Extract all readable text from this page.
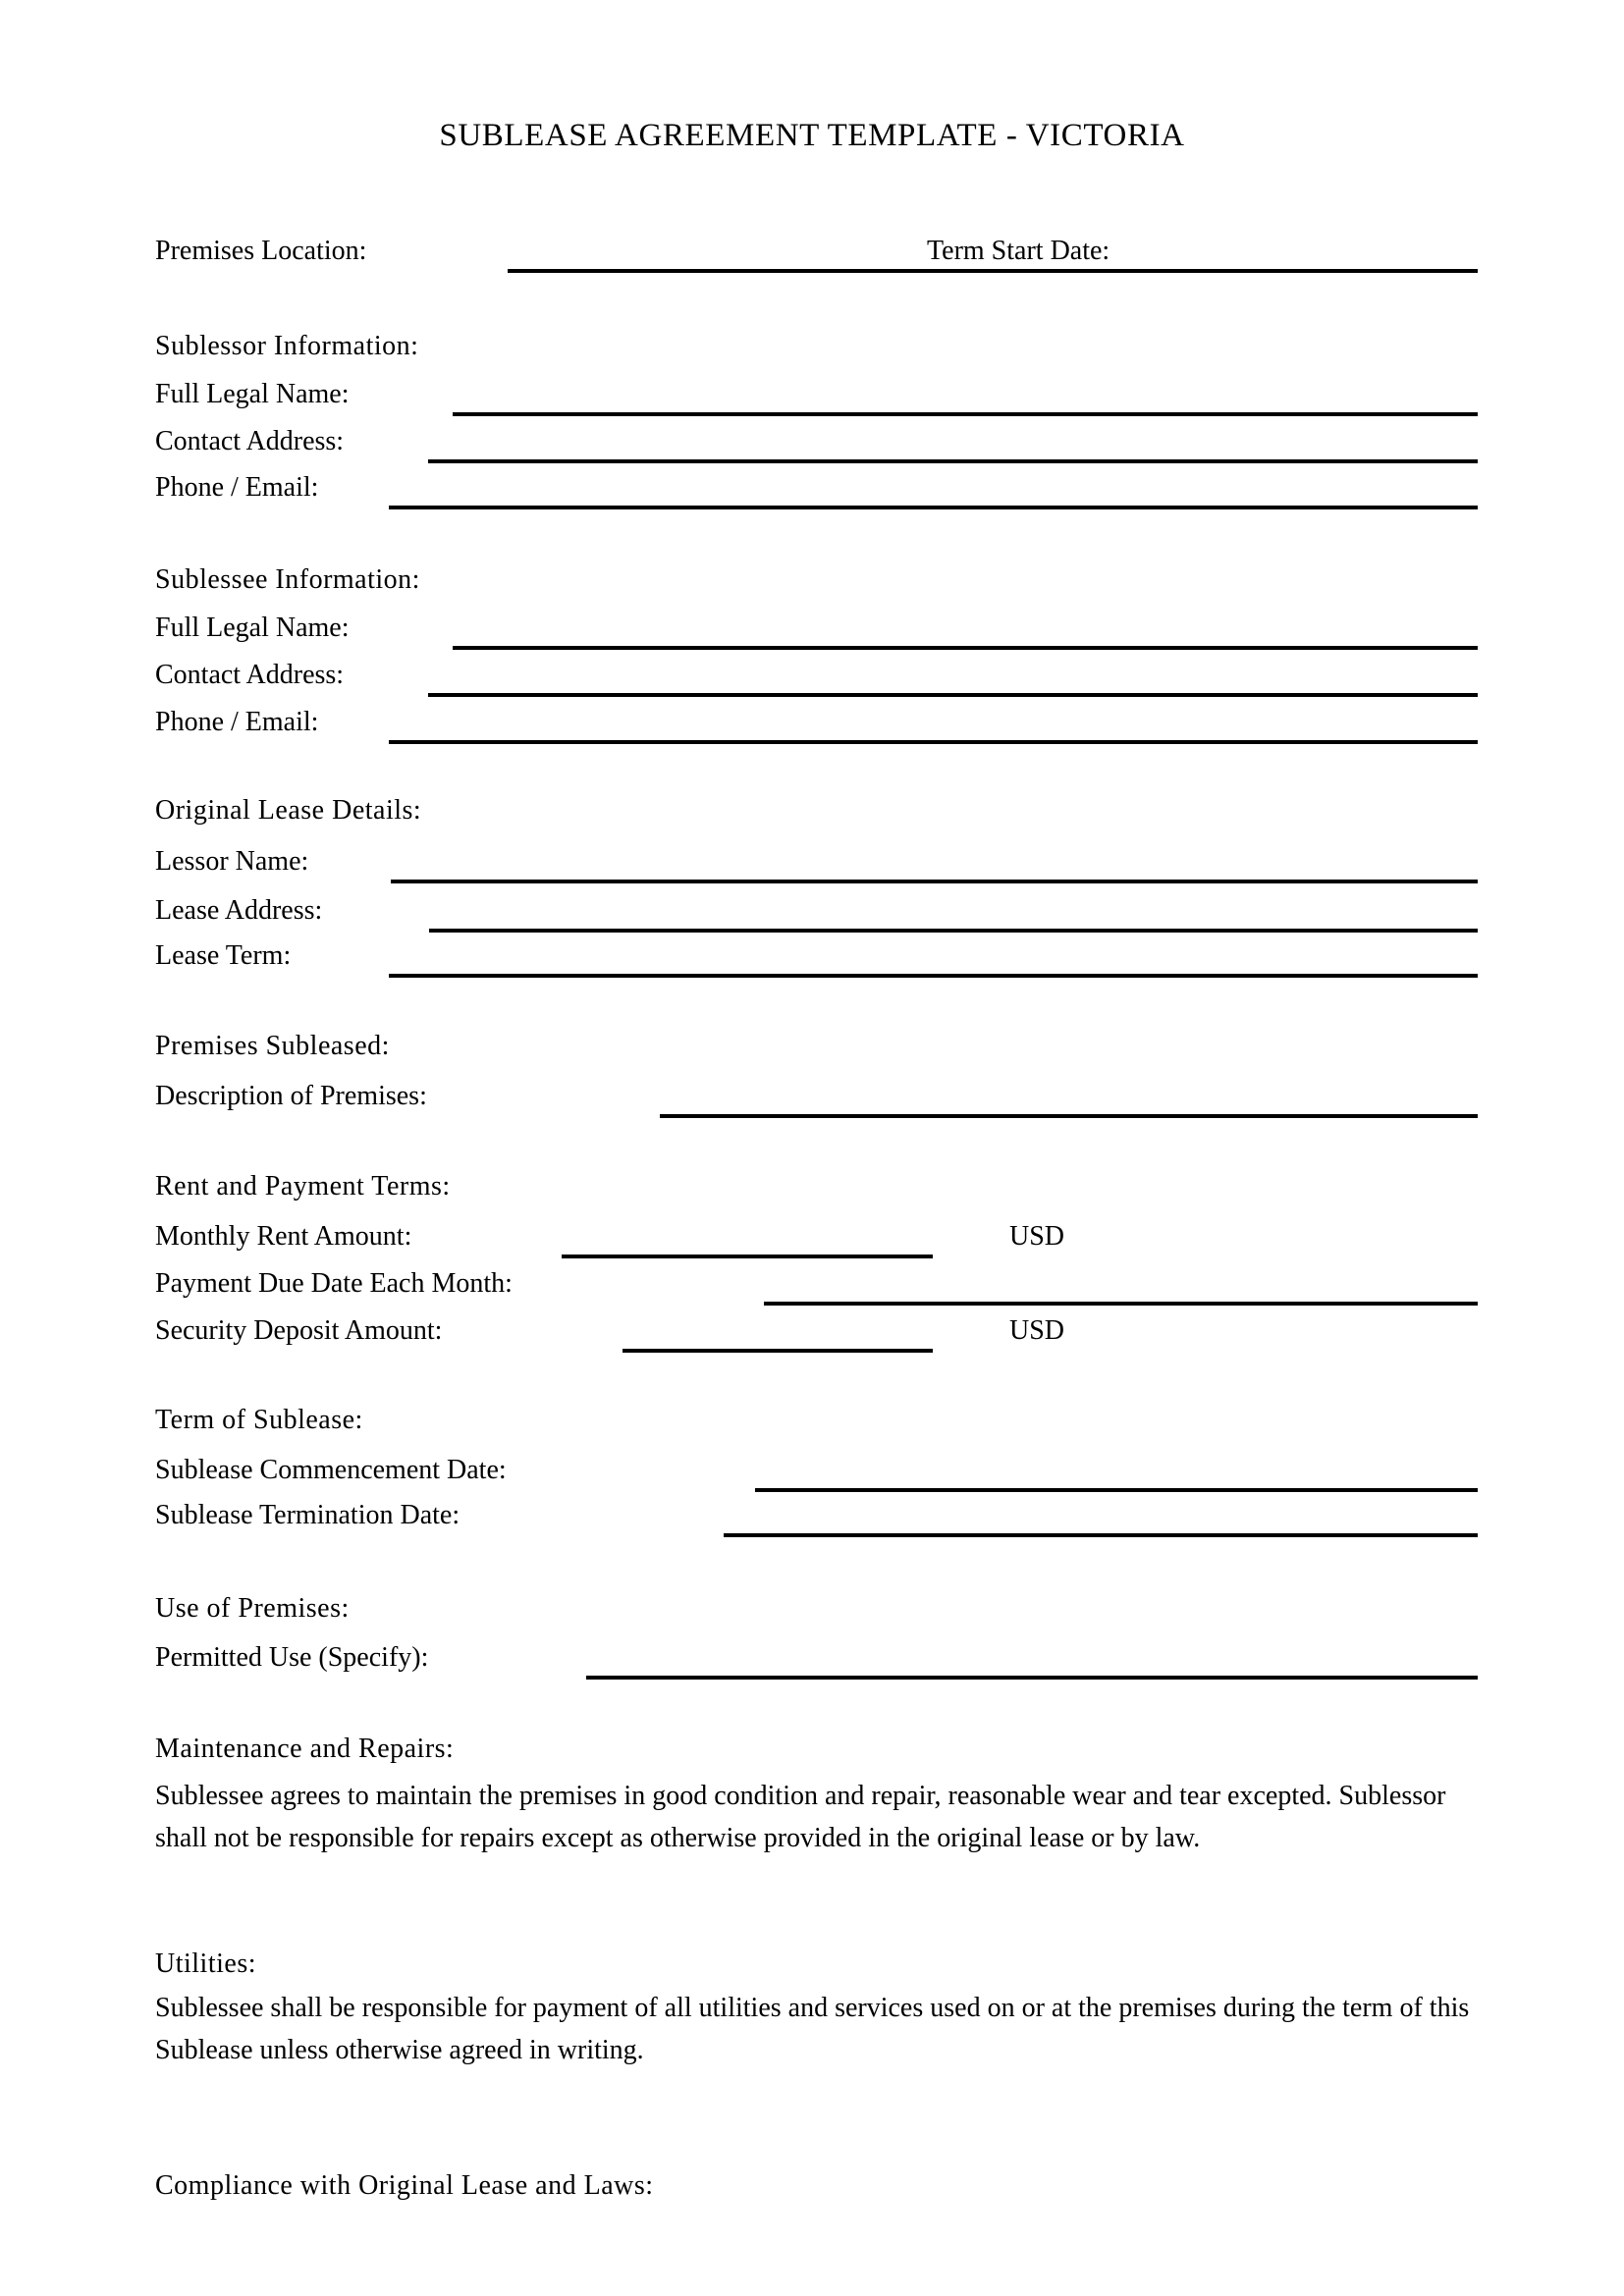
SUBLEASE AGREEMENT TEMPLATE - VICTORIA
Premises Location:	Term Start Date:
Sublessor Information:
Full Legal Name:
Contact Address:
Phone / Email:
Sublessee Information:
Full Legal Name:
Contact Address:
Phone / Email:
Original Lease Details:
Lessor Name:
Lease Address:
Lease Term:
Premises Subleased:
Description of Premises:
Rent and Payment Terms:
Monthly Rent Amount:	USD
Payment Due Date Each Month:
Security Deposit Amount:	USD
Term of Sublease:
Sublease Commencement Date:
Sublease Termination Date:
Use of Premises:
Permitted Use (Specify):
Maintenance and Repairs:
Sublessee agrees to maintain the premises in good condition and repair, reasonable wear and tear excepted. Sublessor shall not be responsible for repairs except as otherwise provided in the original lease or by law.
Utilities:
Sublessee shall be responsible for payment of all utilities and services used on or at the premises during the term of this Sublease unless otherwise agreed in writing.
Compliance with Original Lease and Laws:
